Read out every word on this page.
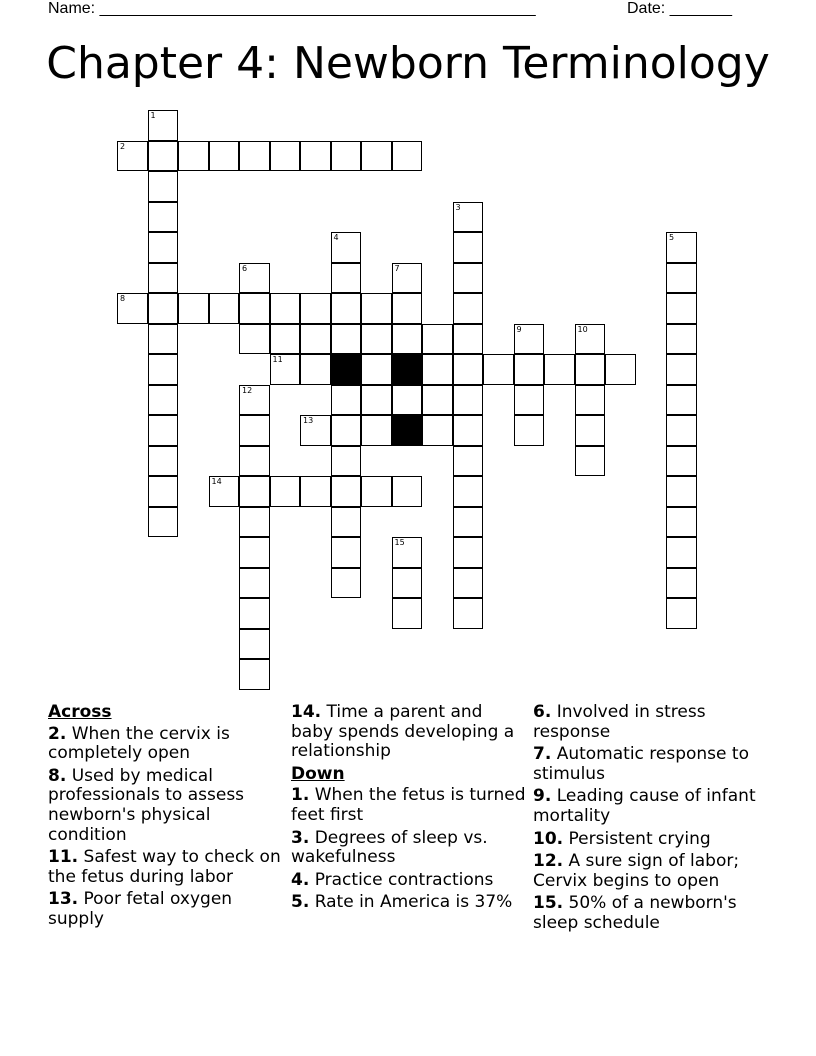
Name: _________________________________________________	Date: _______
Chapter 4: Newborn Terminology
1
2
3
4	5
6	7
8
9	10
11
12
13
14
15
Across
2. When the cervix is completely open
8. Used by medical professionals to assess newborn's physical condition
11. Safest way to check on the fetus during labor
13. Poor fetal oxygen supply
14. Time a parent and baby spends developing a relationship
Down
1. When the fetus is turned feet first
3. Degrees of sleep vs. wakefulness
4. Practice contractions
5. Rate in America is 37%
6. Involved in stress response
7. Automatic response to stimulus
9. Leading cause of infant mortality
10. Persistent crying
12. A sure sign of labor; Cervix begins to open
15. 50% of a newborn's sleep schedule
